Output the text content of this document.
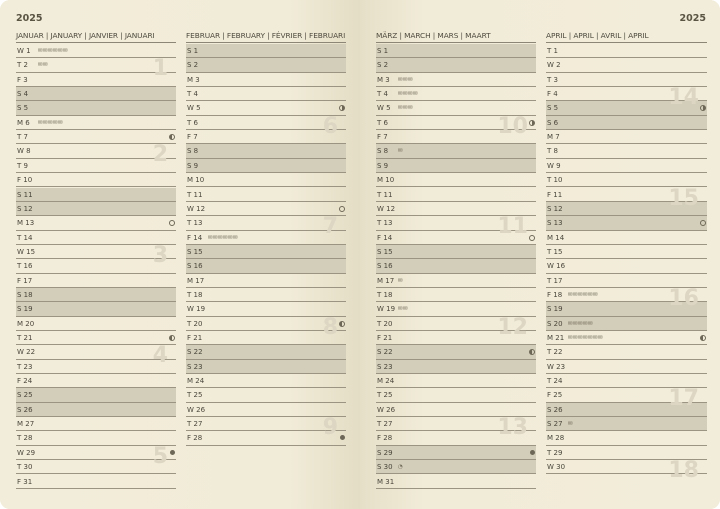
2025
JANUAR | JANUARY | JANVIER | JANUARI
W 1 ✉✉✉✉✉✉
T 2 ✉✉
F 3
S 4
S 5
M 6 ✉✉✉✉✉
T 7
W 8
T 9
F 10
S 11
S 12
M 13
T 14
W 15
T 16
F 17
S 18
S 19
M 20
T 21
W 22
T 23
F 24
S 25
S 26
M 27
T 28
W 29
T 30
F 31
1
2
3
4
5
FEBRUAR | FEBRUARY | FÉVRIER | FEBRUARI
S 1
S 2
M 3
T 4
W 5
T 6
F 7
S 8
S 9
M 10
T 11
W 12
T 13
F 14 ✉✉✉✉✉✉
S 15
S 16
M 17
T 18
W 19
T 20
F 21
S 22
S 23
M 24
T 25
W 26
T 27
F 28
6
7
8
9
2025
MÄRZ | MARCH | MARS | MAART
S 1
S 2
M 3 ✉✉✉
T 4 ✉✉✉✉
W 5 ✉✉✉
T 6
F 7
S 8 ✉
S 9
M 10
T 11
W 12
T 13
F 14
S 15
S 16
M 17 ✉
T 18
W 19 ✉✉
T 20
F 21
S 22
S 23
M 24
T 25
W 26
T 27
F 28
S 29
S 30 ◔
M 31
10
11
12
13
APRIL | APRIL | AVRIL | APRIL
T 1
W 2
T 3
F 4
S 5
S 6
M 7
T 8
W 9
T 10
F 11
S 12
S 13
M 14
T 15
W 16
T 17
F 18 ✉✉✉✉✉✉
S 19
S 20 ✉✉✉✉✉
M 21 ✉✉✉✉✉✉✉
T 22
W 23
T 24
F 25
S 26
S 27 ✉
M 28
T 29
W 30
14
15
16
17
18
